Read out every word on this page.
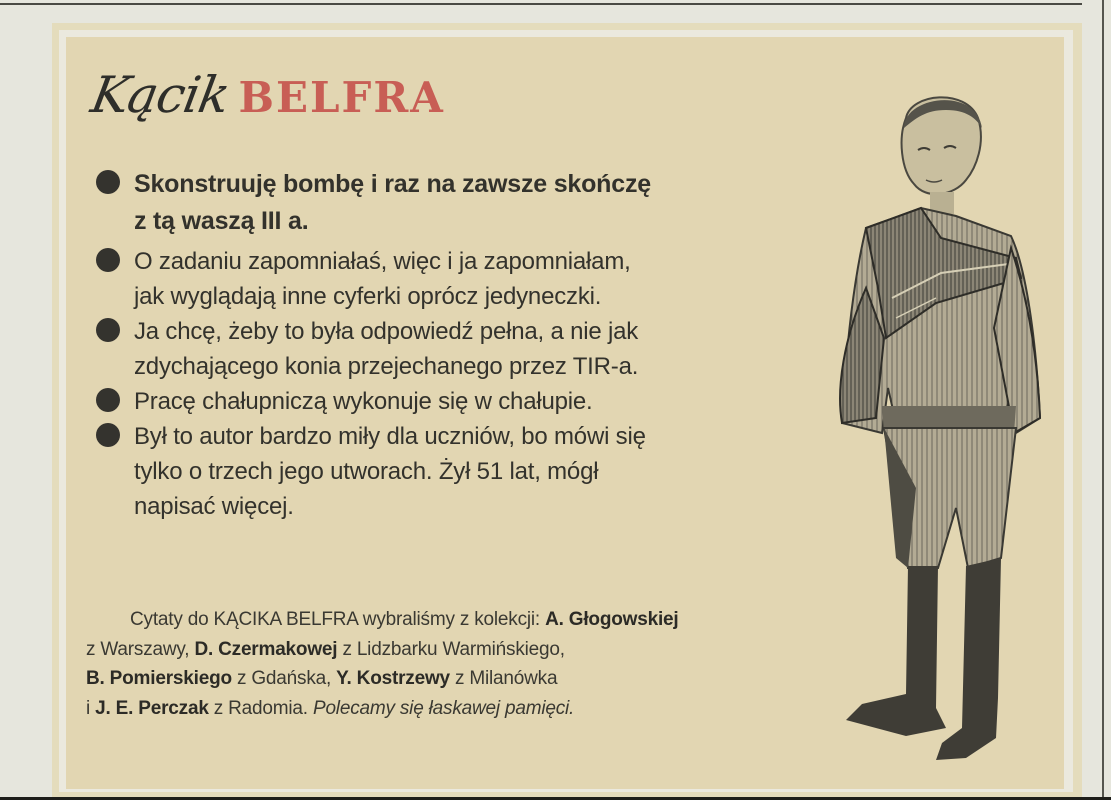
Kącik BELFRA
Skonstruuję bombę i raz na zawsze skończę
z tą waszą III a.
O zadaniu zapomniałaś, więc i ja zapomniałam,
jak wyglądają inne cyferki oprócz jedyneczki.
Ja chcę, żeby to była odpowiedź pełna, a nie jak
zdychającego konia przejechanego przez TIR-a.
Pracę chałupniczą wykonuje się w chałupie.
Był to autor bardzo miły dla uczniów, bo mówi się
tylko o trzech jego utworach. Żył 51 lat, mógł
napisać więcej.
Cytaty do KĄCIKA BELFRA wybraliśmy z kolekcji: A. Głogowskiej
z Warszawy, D. Czermakowej z Lidzbarku Warmińskiego,
B. Pomierskiego z Gdańska, Y. Kostrzewy z Milanówka
i J. E. Perczak z Radomia. Polecamy się łaskawej pamięci.
